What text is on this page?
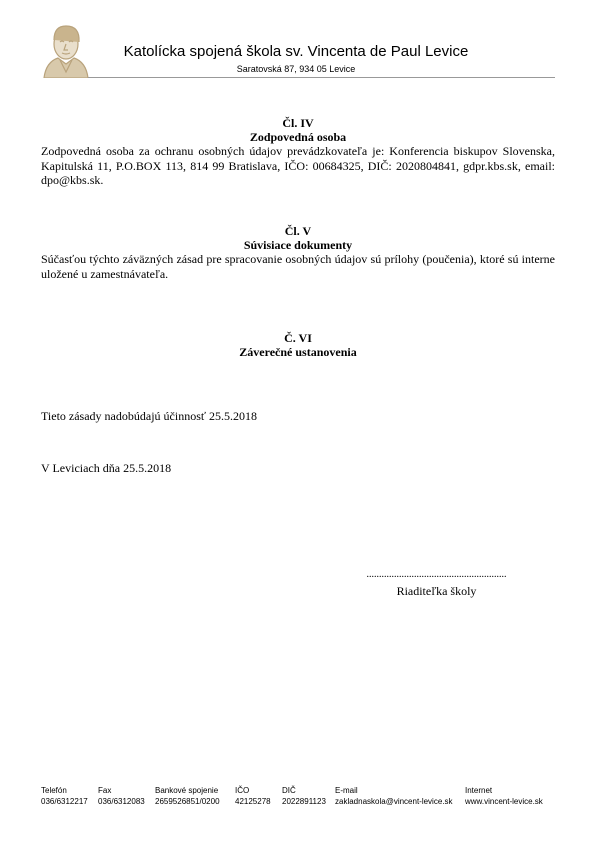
Katolícka spojená škola sv. Vincenta de Paul Levice
Saratovská 87, 934 05 Levice
Čl. IV
Zodpovedná osoba
Zodpovedná osoba za ochranu osobných údajov prevádzkovateľa je: Konferencia biskupov Slovenska, Kapitulská 11, P.O.BOX 113, 814 99 Bratislava, IČO: 00684325, DIČ: 2020804841, gdpr.kbs.sk, email: dpo@kbs.sk.
Čl. V
Súvisiace dokumenty
Súčasťou týchto záväzných zásad pre spracovanie osobných údajov sú prílohy (poučenia), ktoré sú interne uložené u zamestnávateľa.
Č. VI
Záverečné ustanovenia
Tieto zásady nadobúdajú účinnosť 25.5.2018
V Leviciach dňa 25.5.2018
........................................................
Riaditeľka školy
Telefón
036/6312217
Fax
036/6312083
Bankové spojenie
2659526851/0200
IČO
42125278
DIČ
2022891123
E-mail
zakladnaskola@vincent-levice.sk
Internet
www.vincent-levice.sk
